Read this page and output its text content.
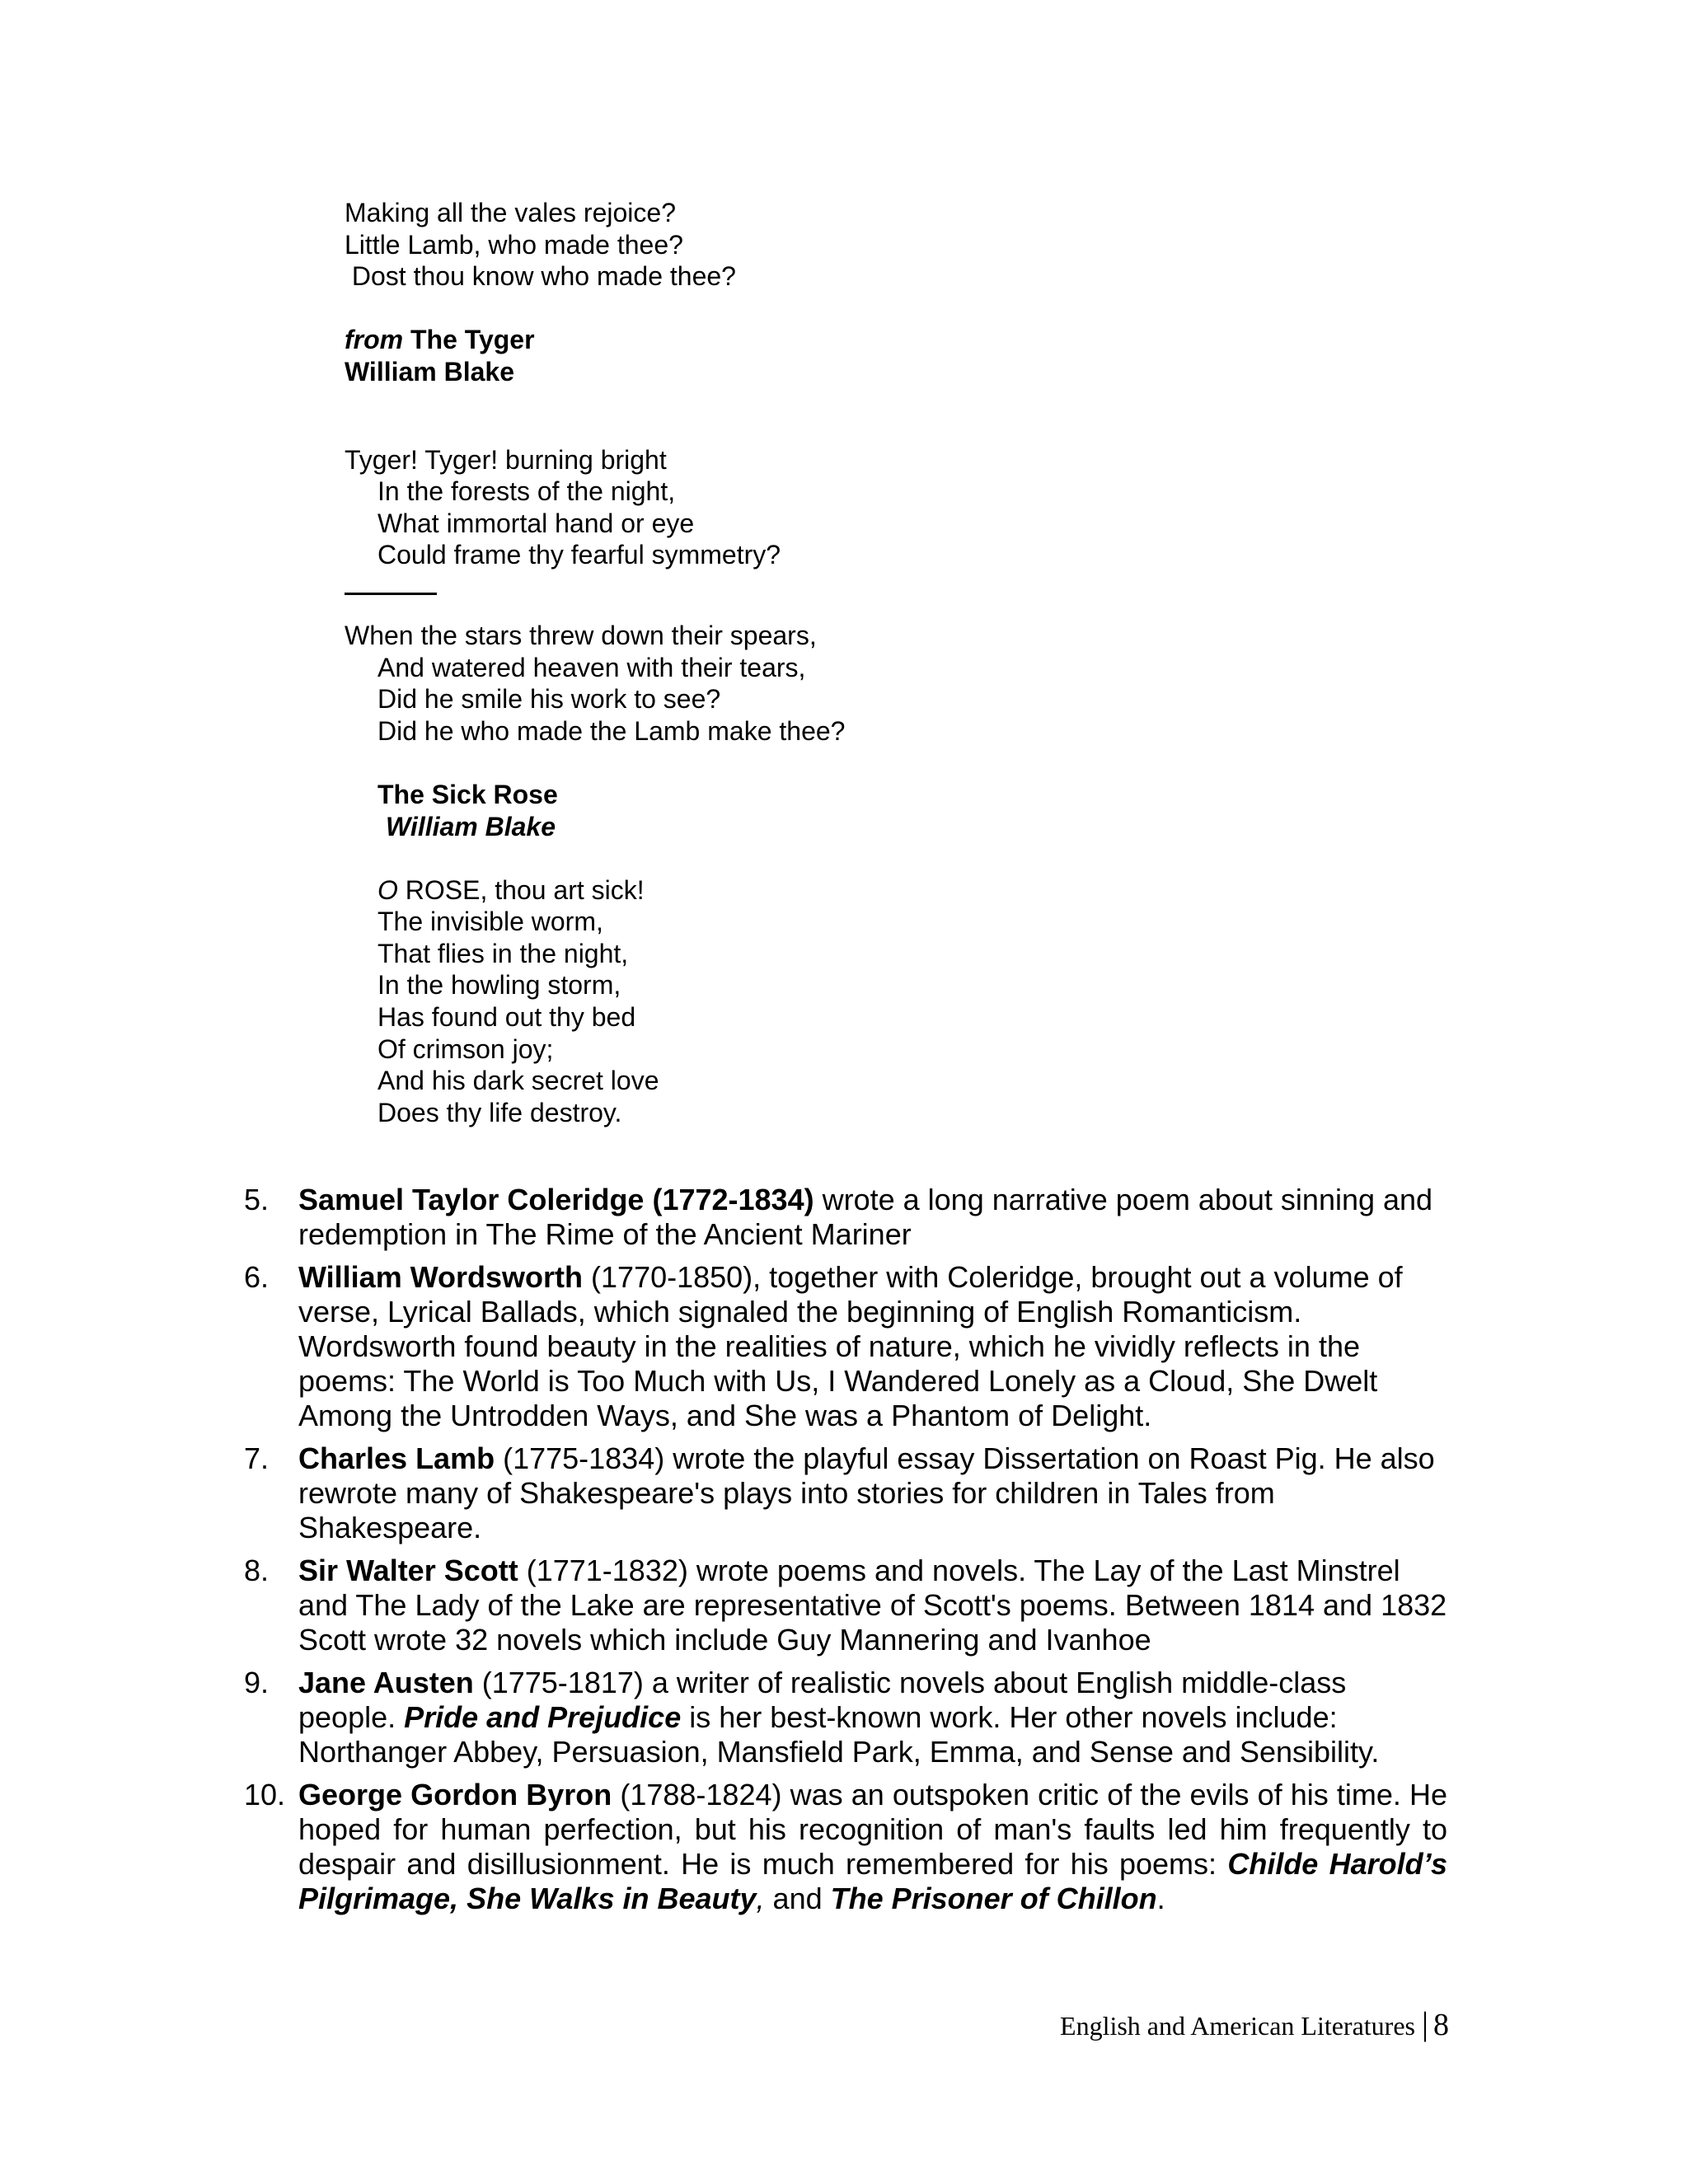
Making all the vales rejoice?
Little Lamb, who made thee?
Dost thou know who made thee?
from The Tyger
William Blake
Tyger! Tyger! burning bright
In the forests of the night,
What immortal hand or eye
Could frame thy fearful symmetry?
When the stars threw down their spears,
And watered heaven with their tears,
Did he smile his work to see?
Did he who made the Lamb make thee?
The Sick Rose
William Blake
O ROSE, thou art sick!
The invisible worm,
That flies in the night,
In the howling storm,
Has found out thy bed
Of crimson joy;
And his dark secret love
Does thy life destroy.
5. Samuel Taylor Coleridge (1772-1834) wrote a long narrative poem about sinning and redemption in The Rime of the Ancient Mariner
6. William Wordsworth (1770-1850), together with Coleridge, brought out a volume of verse, Lyrical Ballads, which signaled the beginning of English Romanticism. Wordsworth found beauty in the realities of nature, which he vividly reflects in the poems: The World is Too Much with Us, I Wandered Lonely as a Cloud, She Dwelt Among the Untrodden Ways, and She was a Phantom of Delight.
7. Charles Lamb (1775-1834) wrote the playful essay Dissertation on Roast Pig. He also rewrote many of Shakespeare's plays into stories for children in Tales from Shakespeare.
8. Sir Walter Scott (1771-1832) wrote poems and novels. The Lay of the Last Minstrel and The Lady of the Lake are representative of Scott's poems. Between 1814 and 1832 Scott wrote 32 novels which include Guy Mannering and Ivanhoe
9. Jane Austen (1775-1817) a writer of realistic novels about English middle-class people. Pride and Prejudice is her best-known work. Her other novels include: Northanger Abbey, Persuasion, Mansfield Park, Emma, and Sense and Sensibility.
10. George Gordon Byron (1788-1824) was an outspoken critic of the evils of his time. He hoped for human perfection, but his recognition of man's faults led him frequently to despair and disillusionment. He is much remembered for his poems: Childe Harold’s Pilgrimage, She Walks in Beauty, and The Prisoner of Chillon.
English and American Literatures | 8
